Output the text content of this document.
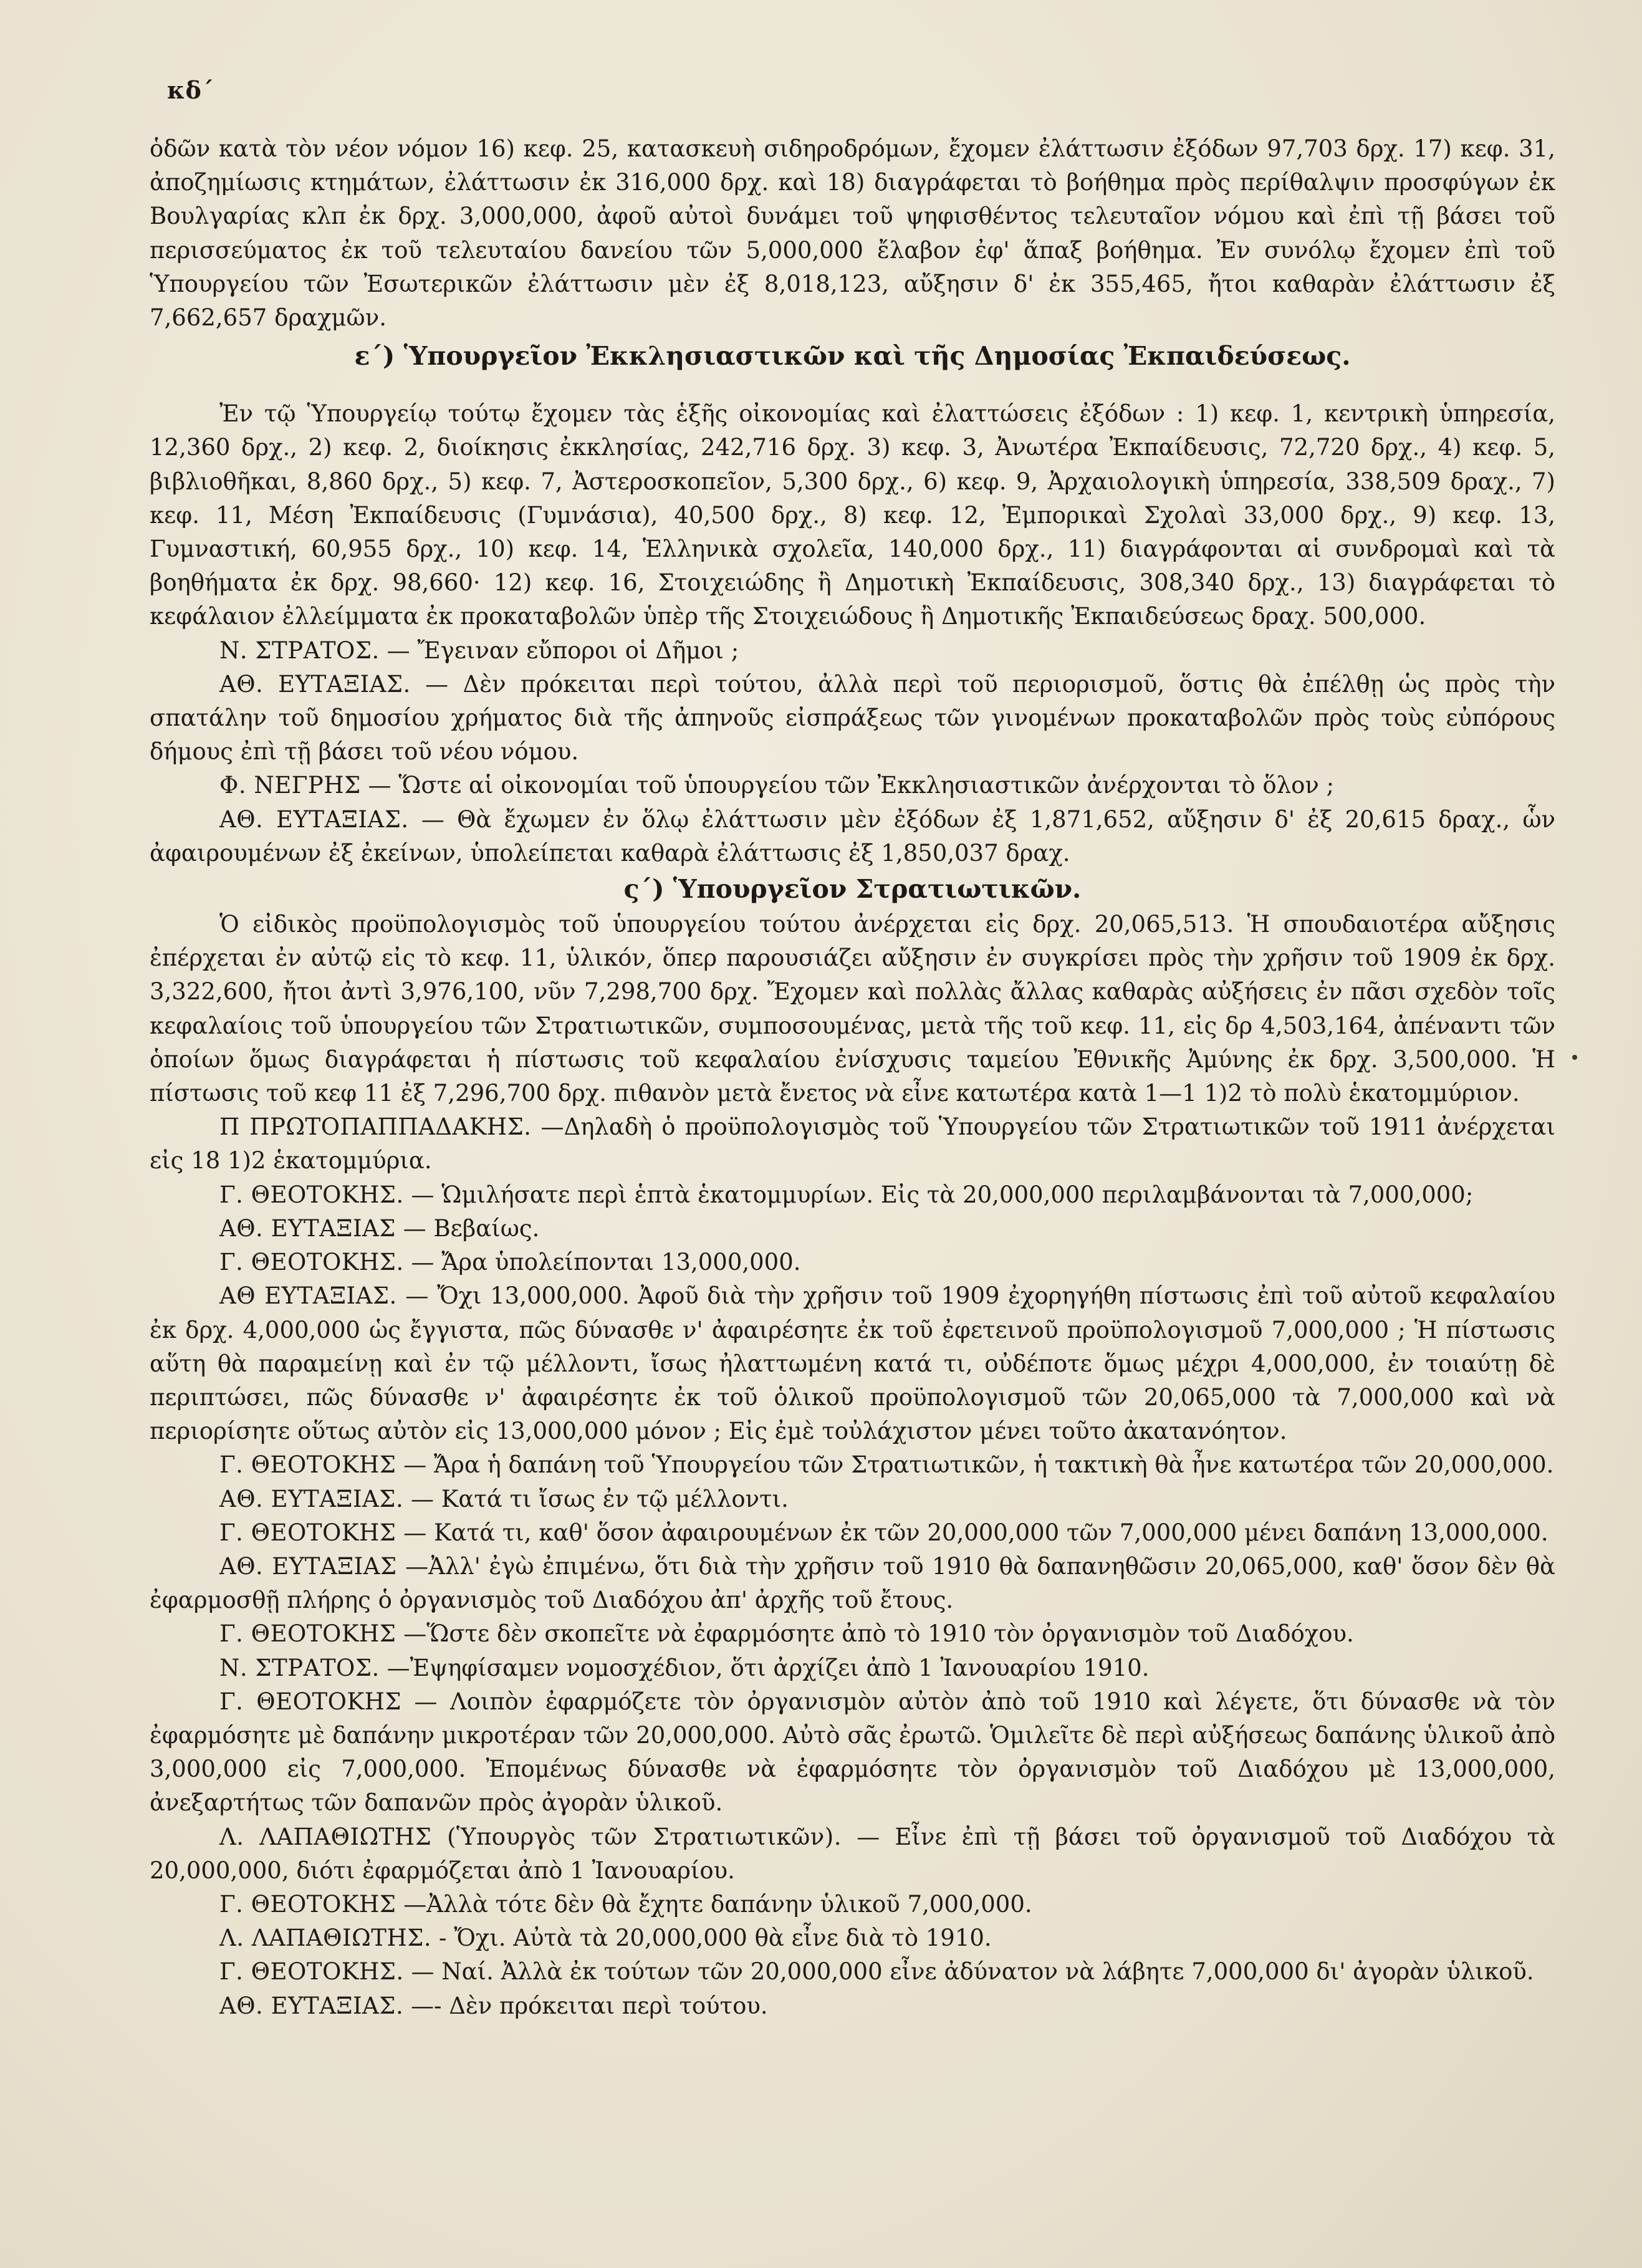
κδ΄

ὁδῶν κατὰ τὸν νέον νόμον 16) κεφ. 25, κατασκευὴ σιδηροδρόμων, ἔχομεν ἐλάττωσιν ἐξόδων 97,703 δρχ. 17) κεφ. 31, ἀποζημίωσις κτημάτων, ἐλάττωσιν ἐκ 316,000 δρχ. καὶ 18) διαγράφεται τὸ βοήθημα πρὸς περίθαλψιν προσφύγων ἐκ Βουλγαρίας κλπ ἐκ δρχ. 3,000,000, ἀφοῦ αὐτοὶ δυνάμει τοῦ ψηφισθέντος τελευταῖον νόμου καὶ ἐπὶ τῇ βάσει τοῦ περισσεύματος ἐκ τοῦ τελευταίου δανείου τῶν 5,000,000 ἔλαβον ἐφ' ἅπαξ βοήθημα. Ἐν συνόλῳ ἔχομεν ἐπὶ τοῦ Ὑπουργείου τῶν Ἐσωτερικῶν ἐλάττωσιν μὲν ἐξ 8,018,123, αὔξησιν δ' ἐκ 355,465, ἤτοι καθαρὰν ἐλάττωσιν ἐξ 7,662,657 δραχμῶν.

ε΄) Ὑπουργεῖον Ἐκκλησιαστικῶν καὶ τῆς Δημοσίας Ἐκπαιδεύσεως.

Ἐν τῷ Ὑπουργείῳ τούτῳ ἔχομεν τὰς ἑξῆς οἰκονομίας καὶ ἐλαττώσεις ἐξόδων : 1) κεφ. 1, κεντρικὴ ὑπηρεσία, 12,360 δρχ., 2) κεφ. 2, διοίκησις ἐκκλησίας, 242,716 δρχ. 3) κεφ. 3, Ἀνωτέρα Ἐκπαίδευσις, 72,720 δρχ., 4) κεφ. 5, βιβλιοθῆκαι, 8,860 δρχ., 5) κεφ. 7, Ἀστεροσκοπεῖον, 5,300 δρχ., 6) κεφ. 9, Ἀρχαιολογικὴ ὑπηρεσία, 338,509 δραχ., 7) κεφ. 11, Μέση Ἐκπαίδευσις (Γυμνάσια), 40,500 δρχ., 8) κεφ. 12, Ἐμπορικαὶ Σχολαὶ 33,000 δρχ., 9) κεφ. 13, Γυμναστική, 60,955 δρχ., 10) κεφ. 14, Ἑλληνικὰ σχολεῖα, 140,000 δρχ., 11) διαγράφονται αἱ συνδρομαὶ καὶ τὰ βοηθήματα ἐκ δρχ. 98,660· 12) κεφ. 16, Στοιχειώδης ἢ Δημοτικὴ Ἐκπαίδευσις, 308,340 δρχ., 13) διαγράφεται τὸ κεφάλαιον ἐλλείμματα ἐκ προκαταβολῶν ὑπὲρ τῆς Στοιχειώδους ἢ Δημοτικῆς Ἐκπαιδεύσεως δραχ. 500,000.

Ν. ΣΤΡΑΤΟΣ. — Ἔγειναν εὔποροι οἱ Δῆμοι ;

ΑΘ. ΕΥΤΑΞΙΑΣ. — Δὲν πρόκειται περὶ τούτου, ἀλλὰ περὶ τοῦ περιορισμοῦ, ὅστις θὰ ἐπέλθῃ ὡς πρὸς τὴν σπατάλην τοῦ δημοσίου χρήματος διὰ τῆς ἀπηνοῦς εἰσπράξεως τῶν γινομένων προκαταβολῶν πρὸς τοὺς εὐπόρους δήμους ἐπὶ τῇ βάσει τοῦ νέου νόμου.

Φ. ΝΕΓΡΗΣ — Ὥστε αἱ οἰκονομίαι τοῦ ὑπουργείου τῶν Ἐκκλησιαστικῶν ἀνέρχονται τὸ ὅλον ;

ΑΘ. ΕΥΤΑΞΙΑΣ. — Θὰ ἔχωμεν ἐν ὅλῳ ἐλάττωσιν μὲν ἐξόδων ἐξ 1,871,652, αὔξησιν δ' ἐξ 20,615 δραχ., ὧν ἀφαιρουμένων ἐξ ἐκείνων, ὑπολείπεται καθαρὰ ἐλάττωσις ἐξ 1,850,037 δραχ.

ς΄) Ὑπουργεῖον Στρατιωτικῶν.

Ὁ εἰδικὸς προϋπολογισμὸς τοῦ ὑπουργείου τούτου ἀνέρχεται εἰς δρχ. 20,065,513. Ἡ σπουδαιοτέρα αὔξησις ἐπέρχεται ἐν αὐτῷ εἰς τὸ κεφ. 11, ὑλικόν, ὅπερ παρουσιάζει αὔξησιν ἐν συγκρίσει πρὸς τὴν χρῆσιν τοῦ 1909 ἐκ δρχ. 3,322,600, ἤτοι ἀντὶ 3,976,100, νῦν 7,298,700 δρχ. Ἔχομεν καὶ πολλὰς ἄλλας καθαρὰς αὐξήσεις ἐν πᾶσι σχεδὸν τοῖς κεφαλαίοις τοῦ ὑπουργείου τῶν Στρατιωτικῶν, συμποσουμένας, μετὰ τῆς τοῦ κεφ. 11, εἰς δρ 4,503,164, ἀπέναντι τῶν ὁποίων ὅμως διαγράφεται ἡ πίστωσις τοῦ κεφαλαίου ἐνίσχυσις ταμείου Ἐθνικῆς Ἀμύνης ἐκ δρχ. 3,500,000. Ἡ πίστωσις τοῦ κεφ 11 ἐξ 7,296,700 δρχ. πιθανὸν μετὰ ἔνετος νὰ εἶνε κατωτέρα κατὰ 1—1 1)2 τὸ πολὺ ἑκατομμύριον.

Π ΠΡΩΤΟΠΑΠΠΑΔΑΚΗΣ. —Δηλαδὴ ὁ προϋπολογισμὸς τοῦ Ὑπουργείου τῶν Στρατιωτικῶν τοῦ 1911 ἀνέρχεται εἰς 18 1)2 ἑκατομμύρια.

Γ. ΘΕΟΤΟΚΗΣ. — Ὡμιλήσατε περὶ ἑπτὰ ἑκατομμυρίων. Εἰς τὰ 20,000,000 περιλαμβάνονται τὰ 7,000,000;

ΑΘ. ΕΥΤΑΞΙΑΣ — Βεβαίως.

Γ. ΘΕΟΤΟΚΗΣ. — Ἄρα ὑπολείπονται 13,000,000.

ΑΘ ΕΥΤΑΞΙΑΣ. — Ὄχι 13,000,000. Ἀφοῦ διὰ τὴν χρῆσιν τοῦ 1909 ἐχορηγήθη πίστωσις ἐπὶ τοῦ αὐτοῦ κεφαλαίου ἐκ δρχ. 4,000,000 ὡς ἔγγιστα, πῶς δύνασθε ν' ἀφαιρέσητε ἐκ τοῦ ἐφετεινοῦ προϋπολογισμοῦ 7,000,000 ; Ἡ πίστωσις αὕτη θὰ παραμείνῃ καὶ ἐν τῷ μέλλοντι, ἴσως ἠλαττωμένη κατά τι, οὐδέποτε ὅμως μέχρι 4,000,000, ἐν τοιαύτῃ δὲ περιπτώσει, πῶς δύνασθε ν' ἀφαιρέσητε ἐκ τοῦ ὁλικοῦ προϋπολογισμοῦ τῶν 20,065,000 τὰ 7,000,000 καὶ νὰ περιορίσητε οὕτως αὐτὸν εἰς 13,000,000 μόνον ; Εἰς ἐμὲ τοὐλάχιστον μένει τοῦτο ἀκατανόητον.

Γ. ΘΕΟΤΟΚΗΣ — Ἄρα ἡ δαπάνη τοῦ Ὑπουργείου τῶν Στρατιωτικῶν, ἡ τακτικὴ θὰ ἦνε κατωτέρα τῶν 20,000,000.

ΑΘ. ΕΥΤΑΞΙΑΣ. — Κατά τι ἴσως ἐν τῷ μέλλοντι.

Γ. ΘΕΟΤΟΚΗΣ — Κατά τι, καθ' ὅσον ἀφαιρουμένων ἐκ τῶν 20,000,000 τῶν 7,000,000 μένει δαπάνη 13,000,000.

ΑΘ. ΕΥΤΑΞΙΑΣ —Ἀλλ' ἐγὼ ἐπιμένω, ὅτι διὰ τὴν χρῆσιν τοῦ 1910 θὰ δαπανηθῶσιν 20,065,000, καθ' ὅσον δὲν θὰ ἐφαρμοσθῇ πλήρης ὁ ὀργανισμὸς τοῦ Διαδόχου ἀπ' ἀρχῆς τοῦ ἔτους.

Γ. ΘΕΟΤΟΚΗΣ —Ὥστε δὲν σκοπεῖτε νὰ ἐφαρμόσητε ἀπὸ τὸ 1910 τὸν ὀργανισμὸν τοῦ Διαδόχου.

Ν. ΣΤΡΑΤΟΣ. —Ἐψηφίσαμεν νομοσχέδιον, ὅτι ἀρχίζει ἀπὸ 1 Ἰανουαρίου 1910.

Γ. ΘΕΟΤΟΚΗΣ — Λοιπὸν ἐφαρμόζετε τὸν ὀργανισμὸν αὐτὸν ἀπὸ τοῦ 1910 καὶ λέγετε, ὅτι δύνασθε νὰ τὸν ἐφαρμόσητε μὲ δαπάνην μικροτέραν τῶν 20,000,000. Αὐτὸ σᾶς ἐρωτῶ. Ὁμιλεῖτε δὲ περὶ αὐξήσεως δαπάνης ὑλικοῦ ἀπὸ 3,000,000 εἰς 7,000,000. Ἐπομένως δύνασθε νὰ ἐφαρμόσητε τὸν ὀργανισμὸν τοῦ Διαδόχου μὲ 13,000,000, ἀνεξαρτήτως τῶν δαπανῶν πρὸς ἀγορὰν ὑλικοῦ.

Λ. ΛΑΠΑΘΙΩΤΗΣ (Ὑπουργὸς τῶν Στρατιωτικῶν). — Εἶνε ἐπὶ τῇ βάσει τοῦ ὀργανισμοῦ τοῦ Διαδόχου τὰ 20,000,000, διότι ἐφαρμόζεται ἀπὸ 1 Ἰανουαρίου.

Γ. ΘΕΟΤΟΚΗΣ —Ἀλλὰ τότε δὲν θὰ ἔχητε δαπάνην ὑλικοῦ 7,000,000.

Λ. ΛΑΠΑΘΙΩΤΗΣ. - Ὄχι. Αὐτὰ τὰ 20,000,000 θὰ εἶνε διὰ τὸ 1910.

Γ. ΘΕΟΤΟΚΗΣ. — Ναί. Ἀλλὰ ἐκ τούτων τῶν 20,000,000 εἶνε ἀδύνατον νὰ λάβητε 7,000,000 δι' ἀγορὰν ὑλικοῦ.

ΑΘ. ΕΥΤΑΞΙΑΣ. —- Δὲν πρόκειται περὶ τούτου.
